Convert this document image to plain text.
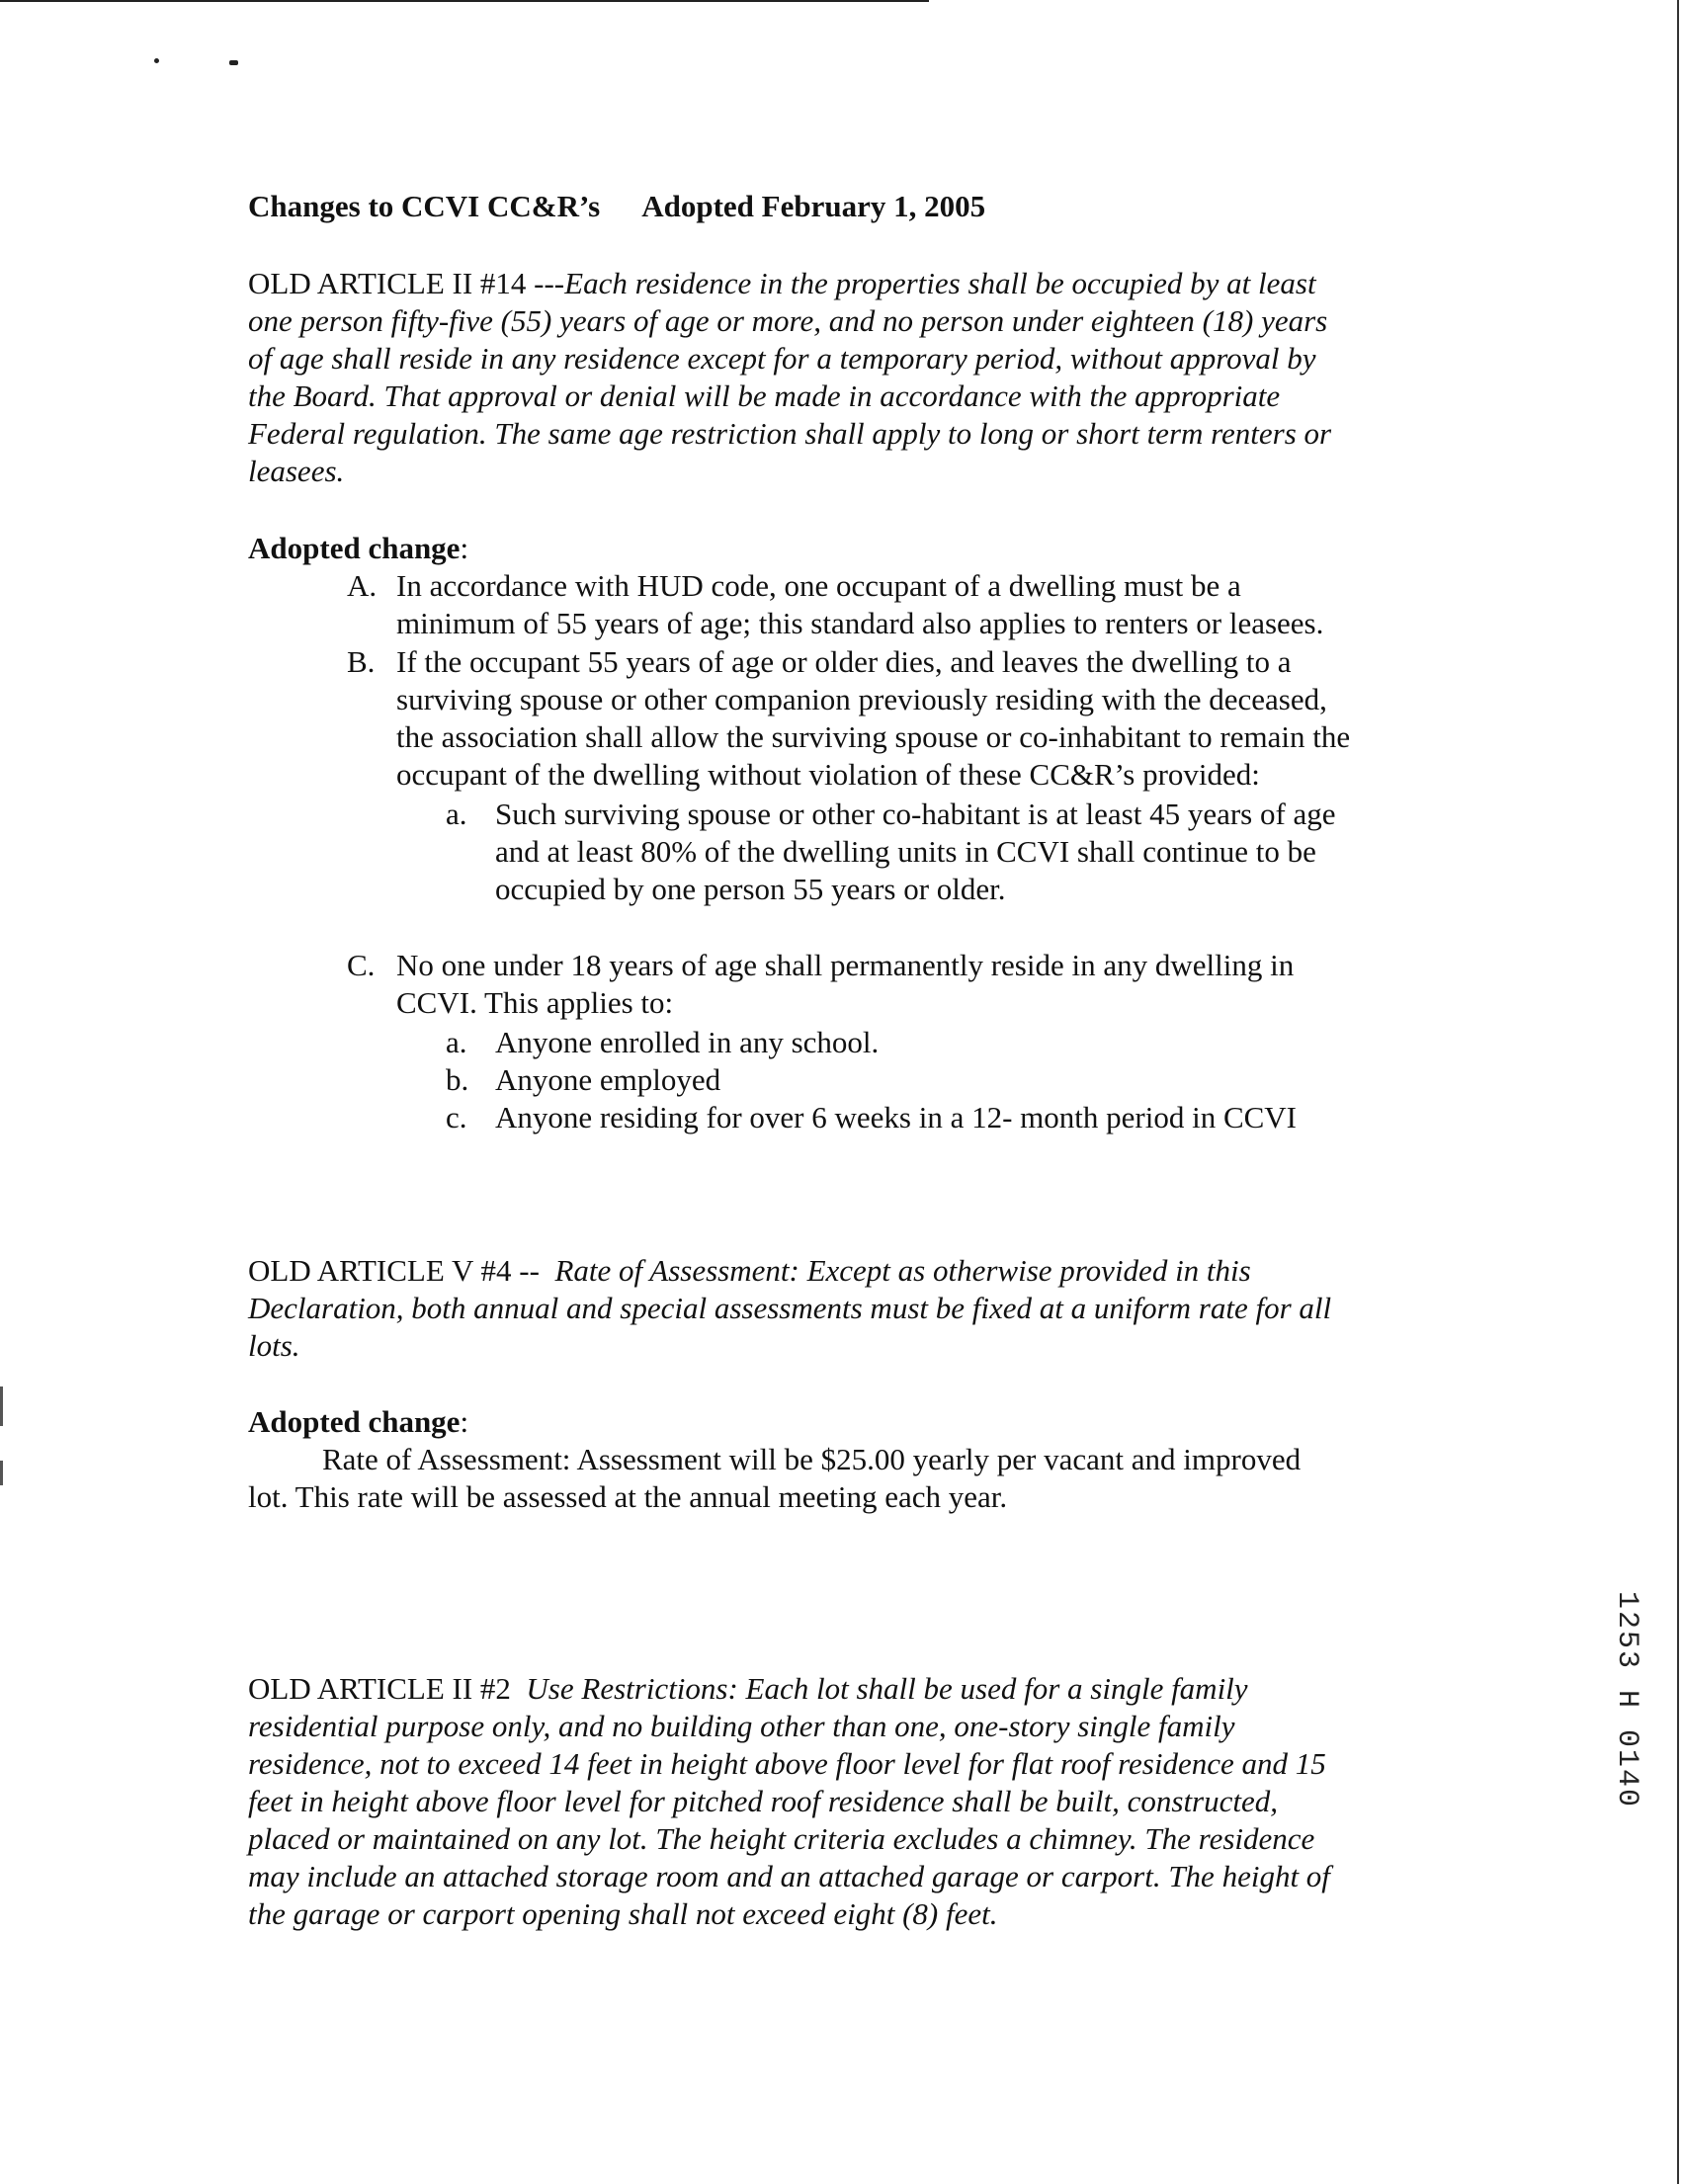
Changes to CCVI CC&R’s Adopted February 1, 2005

OLD ARTICLE II #14 ---Each residence in the properties shall be occupied by at least

one person fifty-five (55) years of age or more, and no person under eighteen (18) years

of age shall reside in any residence except for a temporary period, without approval by

the Board. That approval or denial will be made in accordance with the appropriate

Federal regulation. The same age restriction shall apply to long or short term renters or

leasees.

Adopted change:

A. In accordance with HUD code, one occupant of a dwelling must be a
minimum of 55 years of age; this standard also applies to renters or leasees.
B. If the occupant 55 years of age or older dies, and leaves the dwelling to a
surviving spouse or other companion previously residing with the deceased,
the association shall allow the surviving spouse or co-inhabitant to remain the
occupant of the dwelling without violation of these CC&R’s provided:
a. Such surviving spouse or other co-habitant is at least 45 years of age
and at least 80% of the dwelling units in CCVI shall continue to be
occupied by one person 55 years or older.
C. No one under 18 years of age shall permanently reside in any dwelling in
CCVI. This applies to:
a. Anyone enrolled in any school.
b. Anyone employed
c. Anyone residing for over 6 weeks in a 12- month period in CCVI

OLD ARTICLE V #4 --  Rate of Assessment: Except as otherwise provided in this

Declaration, both annual and special assessments must be fixed at a uniform rate for all

lots.

Adopted change:

Rate of Assessment: Assessment will be $25.00 yearly per vacant and improved

lot. This rate will be assessed at the annual meeting each year.

OLD ARTICLE II #2  Use Restrictions: Each lot shall be used for a single family

residential purpose only, and no building other than one, one-story single family

residence, not to exceed 14 feet in height above floor level for flat roof residence and 15

feet in height above floor level for pitched roof residence shall be built, constructed,

placed or maintained on any lot. The height criteria excludes a chimney. The residence

may include an attached storage room and an attached garage or carport. The height of

the garage or carport opening shall not exceed eight (8) feet.

1253 H 0140
